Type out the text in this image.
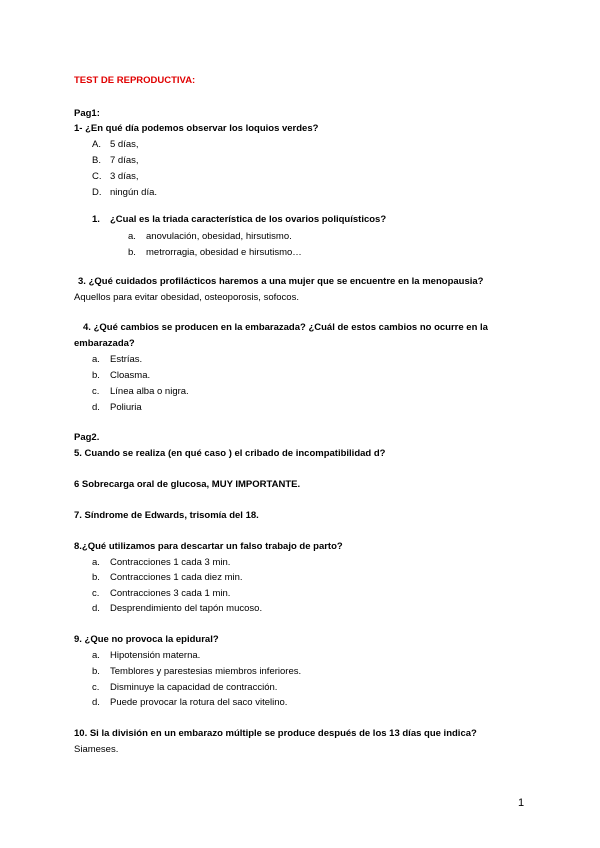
TEST DE REPRODUCTIVA:
Pag1:
1- ¿En qué día podemos observar los loquios verdes?
A. 5 días,
B. 7 días,
C. 3 días,
D. ningún día.
1. ¿Cual es la triada característica de los ovarios poliquísticos?
a. anovulación, obesidad, hirsutismo.
b. metrorragia, obesidad e hirsutismo…
3. ¿Qué cuidados profilácticos haremos a una mujer que se encuentre en la menopausia?
Aquellos para evitar obesidad, osteoporosis, sofocos.
4. ¿Qué cambios se producen en la embarazada? ¿Cuál de estos cambios no ocurre en la
embarazada?
a. Estrías.
b. Cloasma.
c. Línea alba o nigra.
d. Poliuria
Pag2.
5. Cuando se realiza (en qué caso ) el cribado de incompatibilidad d?
6 Sobrecarga oral de glucosa, MUY IMPORTANTE.
7. Síndrome de Edwards, trisomía del 18.
8.¿Qué utilizamos para descartar un falso trabajo de parto?
a. Contracciones 1 cada 3 min.
b. Contracciones 1 cada diez min.
c. Contracciones 3 cada 1 min.
d. Desprendimiento del tapón mucoso.
9. ¿Que no provoca la epidural?
a. Hipotensión materna.
b. Temblores y parestesias miembros inferiores.
c. Disminuye la capacidad de contracción.
d. Puede provocar la rotura del saco vitelino.
10. Si la división en un embarazo múltiple se produce después de los 13 días que indica?
Siameses.
1
